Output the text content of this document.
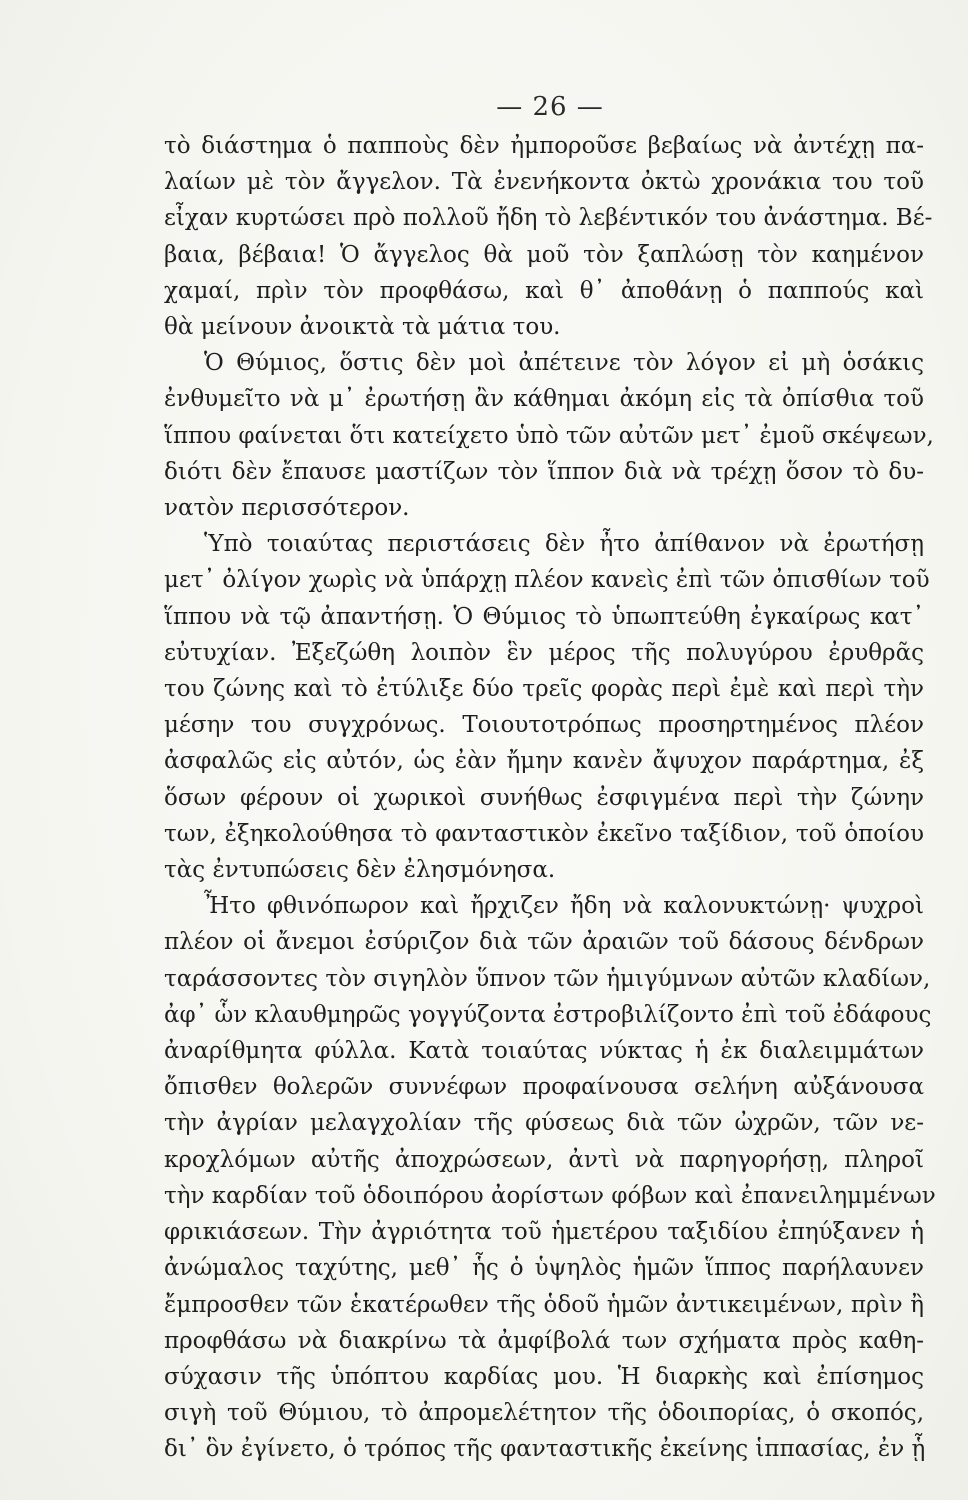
— 26 —
τὸ διάστημα ὁ παπποὺς δὲν ἠμποροῦσε βεβαίως νὰ ἀντέχῃ πα-
λαίων μὲ τὸν ἄγγελον. Τὰ ἐνενήκοντα ὀκτὼ χρονάκια του τοῦ
εἶχαν κυρτώσει πρὸ πολλοῦ ἤδη τὸ λεβέντικόν του ἀνάστημα. Βέ-
βαια, βέβαια! Ὁ ἄγγελος θὰ μοῦ τὸν ξαπλώσῃ τὸν καημένον
χαμαί, πρὶν τὸν προφθάσω, καὶ θ᾿ ἀποθάνῃ ὁ παππούς καὶ
θὰ μείνουν ἀνοικτὰ τὰ μάτια του.
Ὁ Θύμιος, ὅστις δὲν μοὶ ἀπέτεινε τὸν λόγον εἰ μὴ ὁσάκις
ἐνθυμεῖτο νὰ μ᾿ ἐρωτήσῃ ἂν κάθημαι ἀκόμη εἰς τὰ ὀπίσθια τοῦ
ἵππου φαίνεται ὅτι κατείχετο ὑπὸ τῶν αὐτῶν μετ᾿ ἐμοῦ σκέψεων,
διότι δὲν ἔπαυσε μαστίζων τὸν ἵππον διὰ νὰ τρέχῃ ὅσον τὸ δυ-
νατὸν περισσότερον.
Ὑπὸ τοιαύτας περιστάσεις δὲν ἦτο ἀπίθανον νὰ ἐρωτήσῃ
μετ᾿ ὀλίγον χωρὶς νὰ ὑπάρχῃ πλέον κανεὶς ἐπὶ τῶν ὀπισθίων τοῦ
ἵππου νὰ τῷ ἀπαντήσῃ. Ὁ Θύμιος τὸ ὑπωπτεύθη ἐγκαίρως κατ᾿
εὐτυχίαν. Ἐξεζώθη λοιπὸν ἓν μέρος τῆς πολυγύρου ἐρυθρᾶς
του ζώνης καὶ τὸ ἐτύλιξε δύο τρεῖς φορὰς περὶ ἐμὲ καὶ περὶ τὴν
μέσην του συγχρόνως. Τοιουτοτρόπως προσηρτημένος πλέον
ἀσφαλῶς εἰς αὐτόν, ὡς ἐὰν ἤμην κανὲν ἄψυχον παράρτημα, ἐξ
ὅσων φέρουν οἱ χωρικοὶ συνήθως ἐσφιγμένα περὶ τὴν ζώνην
των, ἐξηκολούθησα τὸ φανταστικὸν ἐκεῖνο ταξίδιον, τοῦ ὁποίου
τὰς ἐντυπώσεις δὲν ἐλησμόνησα.
Ἦτο φθινόπωρον καὶ ἤρχιζεν ἤδη νὰ καλονυκτώνῃ· ψυχροὶ
πλέον οἱ ἄνεμοι ἐσύριζον διὰ τῶν ἀραιῶν τοῦ δάσους δένδρων
ταράσσοντες τὸν σιγηλὸν ὕπνον τῶν ἡμιγύμνων αὐτῶν κλαδίων,
ἀφ᾿ ὧν κλαυθμηρῶς γογγύζοντα ἐστροβιλίζοντο ἐπὶ τοῦ ἐδάφους
ἀναρίθμητα φύλλα. Κατὰ τοιαύτας νύκτας ἡ ἐκ διαλειμμάτων
ὄπισθεν θολερῶν συννέφων προφαίνουσα σελήνη αὐξάνουσα
τὴν ἀγρίαν μελαγχολίαν τῆς φύσεως διὰ τῶν ὠχρῶν, τῶν νε-
κροχλόμων αὐτῆς ἀποχρώσεων, ἀντὶ νὰ παρηγορήσῃ, πληροῖ
τὴν καρδίαν τοῦ ὁδοιπόρου ἀορίστων φόβων καὶ ἐπανειλημμένων
φρικιάσεων. Τὴν ἀγριότητα τοῦ ἡμετέρου ταξιδίου ἐπηύξανεν ἡ
ἀνώμαλος ταχύτης, μεθ᾿ ἧς ὁ ὑψηλὸς ἡμῶν ἵππος παρήλαυνεν
ἔμπροσθεν τῶν ἑκατέρωθεν τῆς ὁδοῦ ἡμῶν ἀντικειμένων, πρὶν ἢ
προφθάσω νὰ διακρίνω τὰ ἀμφίβολά των σχήματα πρὸς καθη-
σύχασιν τῆς ὑπόπτου καρδίας μου. Ἡ διαρκὴς καὶ ἐπίσημος
σιγὴ τοῦ Θύμιου, τὸ ἀπρομελέτητον τῆς ὁδοιπορίας, ὁ σκοπός,
δι᾿ ὃν ἐγίνετο, ὁ τρόπος τῆς φανταστικῆς ἐκείνης ἱππασίας, ἐν ᾗ
